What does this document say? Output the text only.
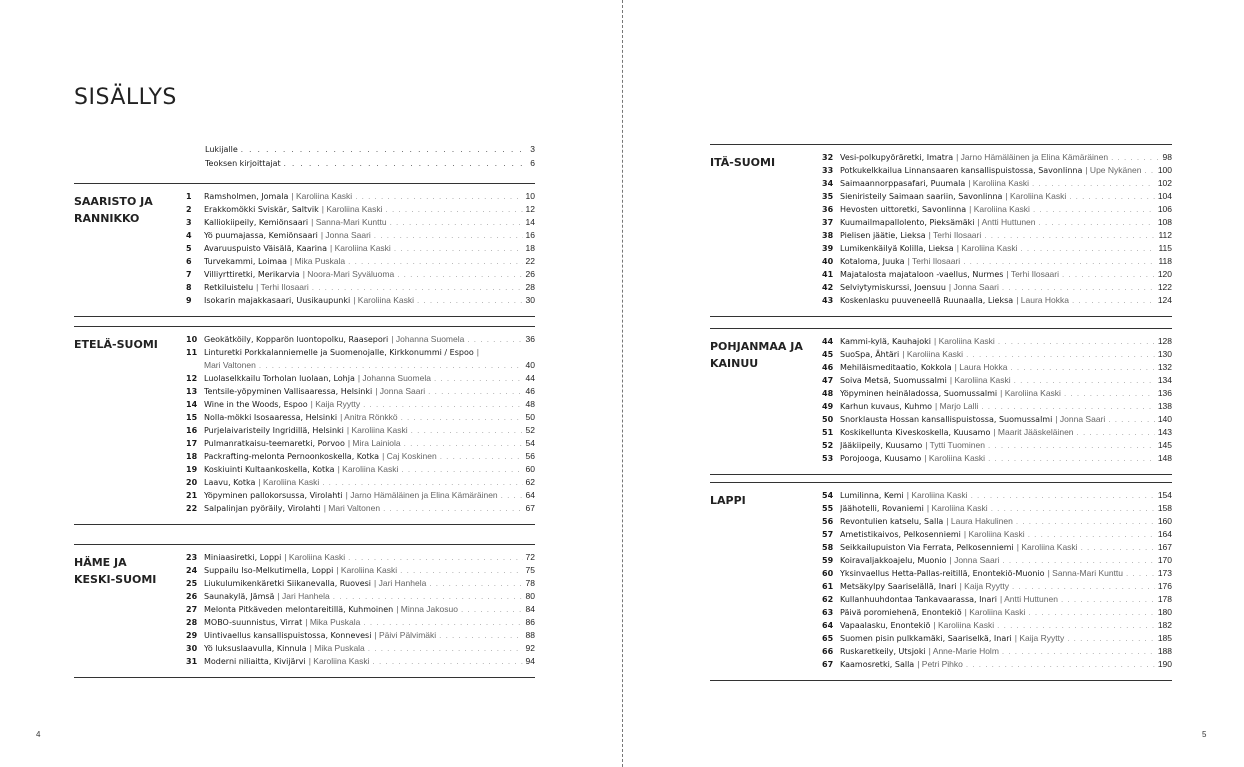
SISÄLLYS
Lukijalle . . .	3
Teoksen kirjoittajat . . .	6
SAARISTO JA
RANNIKKO
1	Ramsholmen, Jomala | Karoliina Kaski . . .	10
2	Erakkomökki Sviskär, Saltvik | Karoliina Kaski . . .	12
3	Kalliokiipeily, Kemiönsaari | Sanna-Mari Kunttu . . .	14
4	Yö puumajassa, Kemiönsaari | Jonna Saari . . .	16
5	Avaruuspuisto Väisälä, Kaarina | Karoliina Kaski . . .	18
6	Turvekammi, Loimaa | Mika Puskala . . .	22
7	Villiyrttiretki, Merikarvia | Noora-Mari Syväluoma . . .	26
8	Retkiluistelu | Terhi Ilosaari . . .	28
9	Isokarin majakkasaari, Uusikaupunki | Karoliina Kaski . . .	30
ETELÄ-SUOMI	10 Geokätköily, Kopparön luontopolku, Raasepori | Johanna Suomela . . .	36
11 Linturetki Porkkalanniemelle ja Suomenojalle, Kirkkonummi / Espoo |
Mari Valtonen . . .	40
12 Luolaselkkailu Torholan luolaan, Lohja | Johanna Suomela . . .	44
13 Tentsile-yöpyminen Vallisaaressa, Helsinki | Jonna Saari . . .	46
14 Wine in the Woods, Espoo | Kaija Ryytty . . .	48
15 Nolla-mökki Isosaaressa, Helsinki | Anitra Rönkkö . . .	50
16 Purjelaivaristeily Ingridillä, Helsinki | Karoliina Kaski . . .	52
17 Pulmanratkaisu-teemaretki, Porvoo | Mira Lainiola . . .	54
18 Packrafting-melonta Pernoonkoskella, Kotka | Caj Koskinen . . .	56
19 Koskiuinti Kultaankoskella, Kotka | Karoliina Kaski . . .	60
20 Laavu, Kotka | Karoliina Kaski . . .	62
21 Yöpyminen pallokorsussa, Virolahti | Jarno Hämäläinen ja Elina Kämäräinen . . .	64
22 Salpalinjan pyöräily, Virolahti | Mari Valtonen . . .	67
HÄME JA
KESKI-SUOMI
23 Miniaasiretki, Loppi | Karoliina Kaski . . .	72
24 Suppailu Iso-Melkutimella, Loppi | Karoliina Kaski . . .	75
25 Liukulumikenkäretki Siikanevalla, Ruovesi | Jari Hanhela . . .	78
26 Saunakylä, Jämsä | Jari Hanhela . . .	80
27 Melonta Pitkäveden melontareitillä, Kuhmoinen | Minna Jakosuo . . .	84
28 MOBO-suunnistus, Virrat | Mika Puskala . . .	86
29 Uintivaellus kansallispuistossa, Konnevesi | Päivi Pälvimäki . . .	88
30 Yö luksuslaavulla, Kinnula | Mika Puskala . . .	92
31 Moderni niliaitta, Kivijärvi | Karoliina Kaski . . .	94
ITÄ-SUOMI	32 Vesi-polkupyöräretki, Imatra | Jarno Hämäläinen ja Elina Kämäräinen . . .	98
33 Potkukelkkailua Linnansaaren kansallispuistossa, Savonlinna | Upe Nykänen . . . 100
34 Saimaannorppasafari, Puumala | Karoliina Kaski . . .	102
35 Sieniristeily Saimaan saariin, Savonlinna | Karoliina Kaski . . .	104
36 Hevosten uittoretki, Savonlinna | Karoliina Kaski . . .	106
37 Kuumailmapallolento, Pieksämäki | Antti Huttunen . . .	108
38 Pielisen jäätie, Lieksa | Terhi Ilosaari . . .	112
39 Lumikenkäilyä Kolilla, Lieksa | Karoliina Kaski . . .	115
40 Kotaloma, Juuka | Terhi Ilosaari . . .	118
41 Majatalosta majataloon -vaellus, Nurmes | Terhi Ilosaari . . .	120
42 Selviytymiskurssi, Joensuu | Jonna Saari . . .	122
43 Koskenlasku puuveneellä Ruunaalla, Lieksa | Laura Hokka . . .	124
POHJANMAA JA
KAINUU
44 Kammi-kylä, Kauhajoki | Karoliina Kaski . . .	128
45 SuoSpa, Ähtäri | Karoliina Kaski . . .	130
46 Mehiläismeditaatio, Kokkola | Laura Hokka . . .	132
47 Soiva Metsä, Suomussalmi | Karoliina Kaski . . .	134
48 Yöpyminen heinäladossa, Suomussalmi | Karoliina Kaski . . .	136
49 Karhun kuvaus, Kuhmo | Marjo Lalli . . .	138
50 Snorklausta Hossan kansallispuistossa, Suomussalmi | Jonna Saari . . .	140
51 Koskikellunta Kiveskoskella, Kuusamo | Maarit Jääskeläinen . . .	143
52 Jääkiipeily, Kuusamo | Tytti Tuominen . . .	145
53 Porojooga, Kuusamo | Karoliina Kaski . . .	148
LAPPI	54 Lumilinna, Kemi | Karoliina Kaski . . .	154
55 Jäähotelli, Rovaniemi | Karoliina Kaski . . .	158
56 Revontulien katselu, Salla | Laura Hakulinen . . .	160
57 Ametistikaivos, Pelkosenniemi | Karoliina Kaski . . .	164
58 Seikkailupuiston Via Ferrata, Pelkosenniemi | Karoliina Kaski . . .	167
59 Koiravaljakkoajelu, Muonio | Jonna Saari . . .	170
60 Yksinvaellus Hetta-Pallas-reitillä, Enontekiö-Muonio | Sanna-Mari Kunttu . . .	173
61 Metsäkylpy Saariselällä, Inari | Kaija Ryytty . . .	176
62 Kullanhuuhdontaa Tankavaarassa, Inari | Antti Huttunen . . .	178
63 Päivä poromiehenä, Enontekiö | Karoliina Kaski . . .	180
64 Vapaalasku, Enontekiö | Karoliina Kaski . . .	182
65 Suomen pisin pulkkamäki, Saariselkä, Inari | Kaija Ryytty . . .	185
66 Ruskaretkeily, Utsjoki | Anne-Marie Holm . . .	188
67 Kaamosretki, Salla | Petri Pihko . . .	190
4	5
